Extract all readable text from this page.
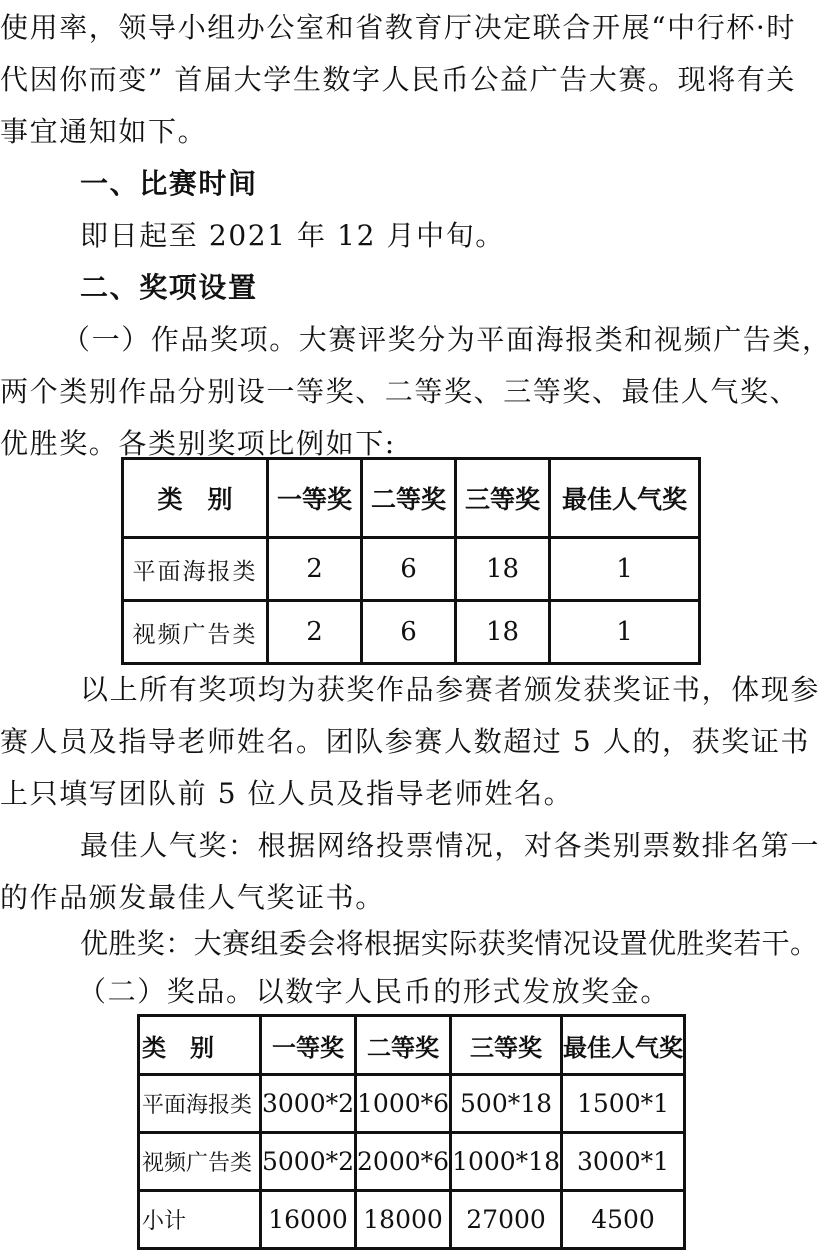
使用率，领导小组办公室和省教育厅决定联合开展“中行杯·时
代因你而变” 首届大学生数字人民币公益广告大赛。现将有关
事宜通知如下。
一、比赛时间
即日起至 2021 年 12 月中旬。
二、奖项设置
（一）作品奖项。大赛评奖分为平面海报类和视频广告类，
两个类别作品分别设一等奖、二等奖、三等奖、最佳人气奖、
优胜奖。各类别奖项比例如下:
类　别	一等奖	二等奖	三等奖	最佳人气奖
平面海报类	2	6	18	1
视频广告类	2	6	18	1
以上所有奖项均为获奖作品参赛者颁发获奖证书，体现参
赛人员及指导老师姓名。团队参赛人数超过 5 人的，获奖证书
上只填写团队前 5 位人员及指导老师姓名。
最佳人气奖：根据网络投票情况，对各类别票数排名第一
的作品颁发最佳人气奖证书。
优胜奖：大赛组委会将根据实际获奖情况设置优胜奖若干。
（二）奖品。以数字人民币的形式发放奖金。
类　别	一等奖	二等奖	三等奖	最佳人气奖
平面海报类	3000*2	1000*6	500*18	1500*1
视频广告类	5000*2	2000*6	1000*18	3000*1
小计	16000	18000	27000	4500
